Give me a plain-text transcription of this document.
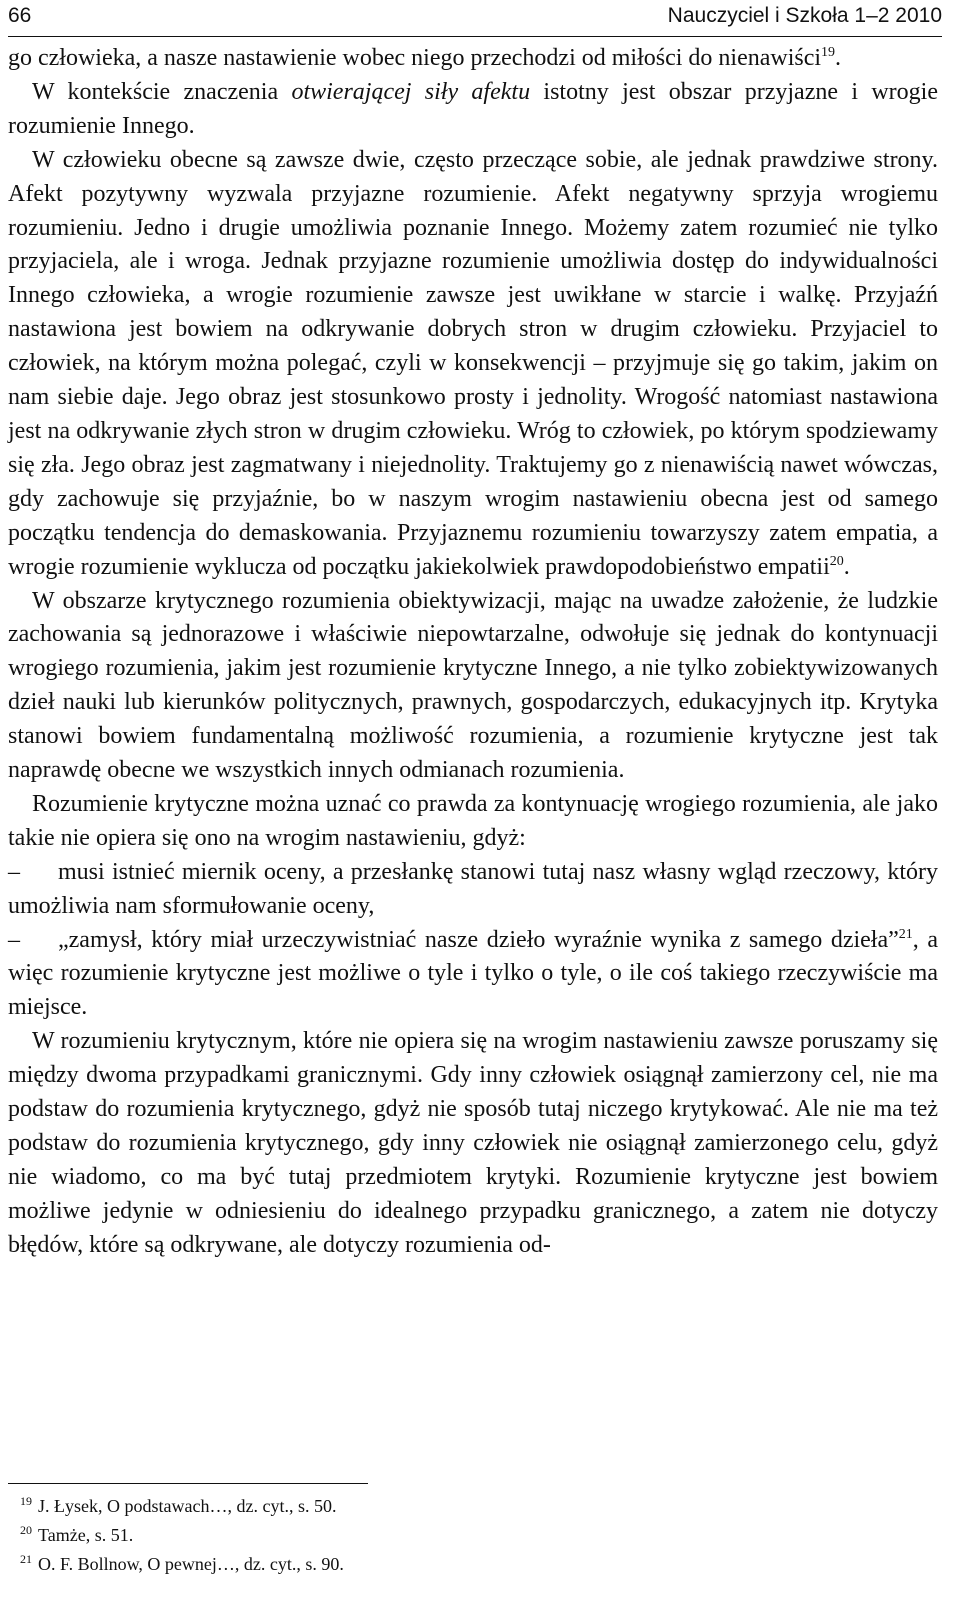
66	Nauczyciel i Szkoła 1–2 2010

go człowieka, a nasze nastawienie wobec niego przechodzi od miłości do nienawiści$^{19}$.

W kontekście znaczenia otwierającej siły afektu istotny jest obszar przyjazne i wrogie rozumienie Innego.

W człowieku obecne są zawsze dwie, często przeczące sobie, ale jednak prawdziwe strony. Afekt pozytywny wyzwala przyjazne rozumienie. Afekt negatywny sprzyja wrogiemu rozumieniu. Jedno i drugie umożliwia poznanie Innego. Możemy zatem rozumieć nie tylko przyjaciela, ale i wroga. Jednak przyjazne rozumienie umożliwia dostęp do indywidualności Innego człowieka, a wrogie rozumienie zawsze jest uwikłane w starcie i walkę. Przyjaźń nastawiona jest bowiem na odkrywanie dobrych stron w drugim człowieku. Przyjaciel to człowiek, na którym można polegać, czyli w konsekwencji – przyjmuje się go takim, jakim on nam siebie daje. Jego obraz jest stosunkowo prosty i jednolity. Wrogość natomiast nastawiona jest na odkrywanie złych stron w drugim człowieku. Wróg to człowiek, po którym spodziewamy się zła. Jego obraz jest zagmatwany i niejednolity. Traktujemy go z nienawiścią nawet wówczas, gdy zachowuje się przyjaźnie, bo w naszym wrogim nastawieniu obecna jest od samego początku tendencja do demaskowania. Przyjaznemu rozumieniu towarzyszy zatem empatia, a wrogie rozumienie wyklucza od początku jakiekolwiek prawdopodobieństwo empatii$^{20}$.

W obszarze krytycznego rozumienia obiektywizacji, mając na uwadze założenie, że ludzkie zachowania są jednorazowe i właściwie niepowtarzalne, odwołuje się jednak do kontynuacji wrogiego rozumienia, jakim jest rozumienie krytyczne Innego, a nie tylko zobiektywizowanych dzieł nauki lub kierunków politycznych, prawnych, gospodarczych, edukacyjnych itp. Krytyka stanowi bowiem fundamentalną możliwość rozumienia, a rozumienie krytyczne jest tak naprawdę obecne we wszystkich innych odmianach rozumienia.

Rozumienie krytyczne można uznać co prawda za kontynuację wrogiego rozumienia, ale jako takie nie opiera się ono na wrogim nastawieniu, gdyż:

– musi istnieć miernik oceny, a przesłankę stanowi tutaj nasz własny wgląd rzeczowy, który umożliwia nam sformułowanie oceny,

– „zamysł, który miał urzeczywistniać nasze dzieło wyraźnie wynika z samego dzieła”$^{21}$, a więc rozumienie krytyczne jest możliwe o tyle i tylko o tyle, o ile coś takiego rzeczywiście ma miejsce.

W rozumieniu krytycznym, które nie opiera się na wrogim nastawieniu zawsze poruszamy się między dwoma przypadkami granicznymi. Gdy inny człowiek osiągnął zamierzony cel, nie ma podstaw do rozumienia krytycznego, gdyż nie sposób tutaj niczego krytykować. Ale nie ma też podstaw do rozumienia krytycznego, gdy inny człowiek nie osiągnął zamierzonego celu, gdyż nie wiadomo, co ma być tutaj przedmiotem krytyki. Rozumienie krytyczne jest bowiem możliwe jedynie w odniesieniu do idealnego przypadku granicznego, a zatem nie dotyczy błędów, które są odkrywane, ale dotyczy rozumienia od-

$^{19}$ J. Łysek, O podstawach…, dz. cyt., s. 50.
$^{20}$ Tamże, s. 51.
$^{21}$ O. F. Bollnow, O pewnej…, dz. cyt., s. 90.
